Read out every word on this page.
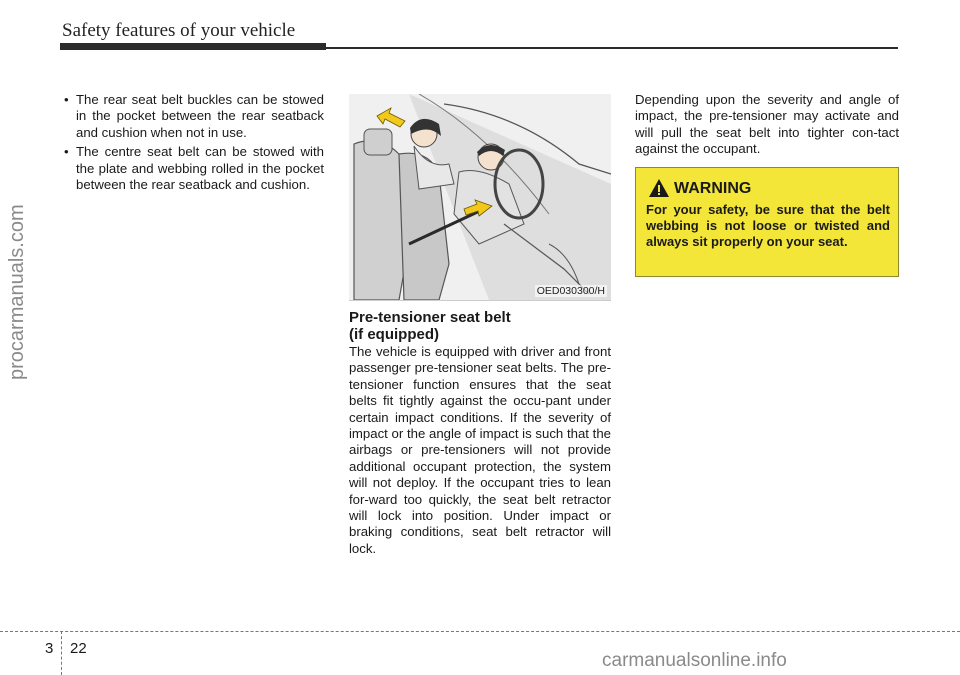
Safety features of your vehicle
procarmanuals.com
• The rear seat belt buckles can be stowed in the pocket between the rear seatback and cushion when not in use.
• The centre seat belt can be stowed with the plate and webbing rolled in the pocket between the rear seatback and cushion.
OED030300/H
Pre-tensioner seat belt
(if equipped)
The vehicle is equipped with driver and front passenger pre-tensioner seat belts. The pre-tensioner function ensures that the seat belts fit tightly against the occu-pant under certain impact conditions. If the severity of impact or the angle of impact is such that the airbags or pre-tensioners will not provide additional occupant protection, the system will not deploy. If the occupant tries to lean for-ward too quickly, the seat belt retractor will lock into position. Under impact or braking conditions, seat belt retractor will lock.
Depending upon the severity and angle of impact, the pre-tensioner may activate and will pull the seat belt into tighter con-tact against the occupant.
WARNING
For your safety, be sure that the belt webbing is not loose or twisted and always sit properly on your seat.
3 22
carmanualsonline.info
